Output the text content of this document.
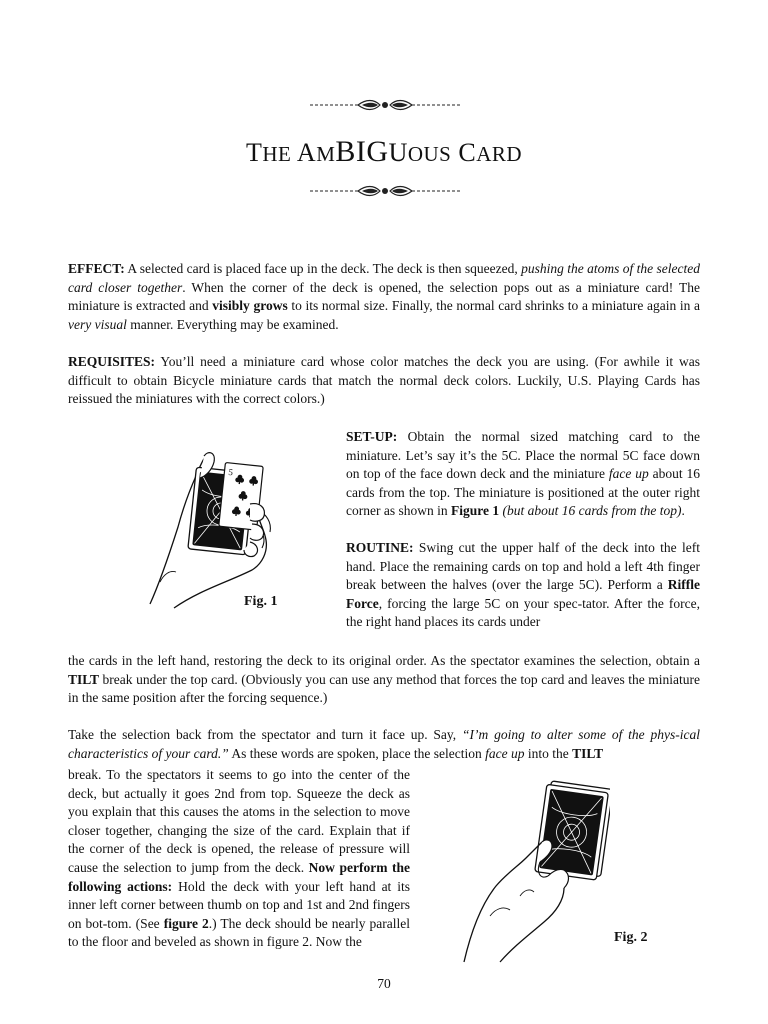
THE AMBIGUOUS CARD
EFFECT: A selected card is placed face up in the deck. The deck is then squeezed, pushing the atoms of the selected card closer together. When the corner of the deck is opened, the selection pops out as a miniature card! The miniature is extracted and visibly grows to its normal size. Finally, the normal card shrinks to a miniature again in a very visual manner. Everything may be examined.
REQUISITES: You’ll need a miniature card whose color matches the deck you are using. (For awhile it was difficult to obtain Bicycle miniature cards that match the normal deck colors. Luckily, U.S. Playing Cards has reissued the miniatures with the correct colors.)
5
Fig. 1
SET-UP: Obtain the normal sized matching card to the miniature. Let’s say it’s the 5C. Place the normal 5C face down on top of the face down deck and the miniature face up about 16 cards from the top. The miniature is positioned at the outer right corner as shown in Figure 1 (but about 16 cards from the top).
ROUTINE: Swing cut the upper half of the deck into the left hand. Place the remaining cards on top and hold a left 4th finger break between the halves (over the large 5C). Perform a Riffle Force, forcing the large 5C on your spec-tator. After the force, the right hand places its cards under
the cards in the left hand, restoring the deck to its original order. As the spectator examines the selection, obtain a TILT break under the top card. (Obviously you can use any method that forces the top card and leaves the miniature in the same position after the forcing sequence.)
Take the selection back from the spectator and turn it face up. Say, “I’m going to alter some of the phys-ical characteristics of your card.” As these words are spoken, place the selection face up into the TILT
break. To the spectators it seems to go into the center of the deck, but actually it goes 2nd from top. Squeeze the deck as you explain that this causes the atoms in the selection to move closer together, changing the size of the card. Explain that if the corner of the deck is opened, the release of pressure will cause the selection to jump from the deck. Now perform the following actions: Hold the deck with your left hand at its inner left corner between thumb on top and 1st and 2nd fingers on bot-tom. (See figure 2.) The deck should be nearly parallel to the floor and beveled as shown in figure 2. Now the	Fig. 2
70
